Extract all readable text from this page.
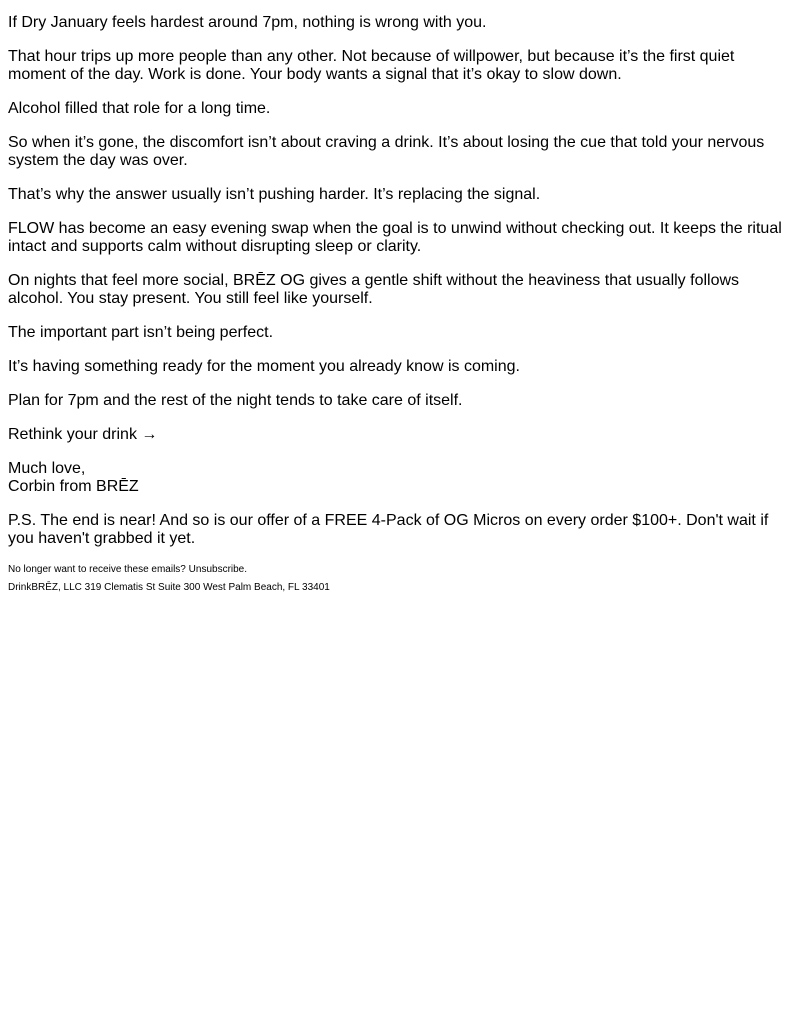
If Dry January feels hardest around 7pm, nothing is wrong with you.

That hour trips up more people than any other. Not because of willpower, but because it’s the first quiet moment of the day. Work is done. Your body wants a signal that it’s okay to slow down.

Alcohol filled that role for a long time.

So when it’s gone, the discomfort isn’t about craving a drink. It’s about losing the cue that told your nervous system the day was over.

That’s why the answer usually isn’t pushing harder. It’s replacing the signal.

FLOW has become an easy evening swap when the goal is to unwind without checking out. It keeps the ritual intact and supports calm without disrupting sleep or clarity.

On nights that feel more social, BRĒZ OG gives a gentle shift without the heaviness that usually follows alcohol. You stay present. You still feel like yourself.

The important part isn’t being perfect.

It’s having something ready for the moment you already know is coming.

Plan for 7pm and the rest of the night tends to take care of itself.

Rethink your drink →

Much love,
Corbin from BRĒZ

P.S. The end is near! And so is our offer of a FREE 4-Pack of OG Micros on every order $100+. Don't wait if you haven't grabbed it yet.

No longer want to receive these emails? Unsubscribe.

DrinkBRĒZ, LLC 319 Clematis St Suite 300 West Palm Beach, FL 33401
